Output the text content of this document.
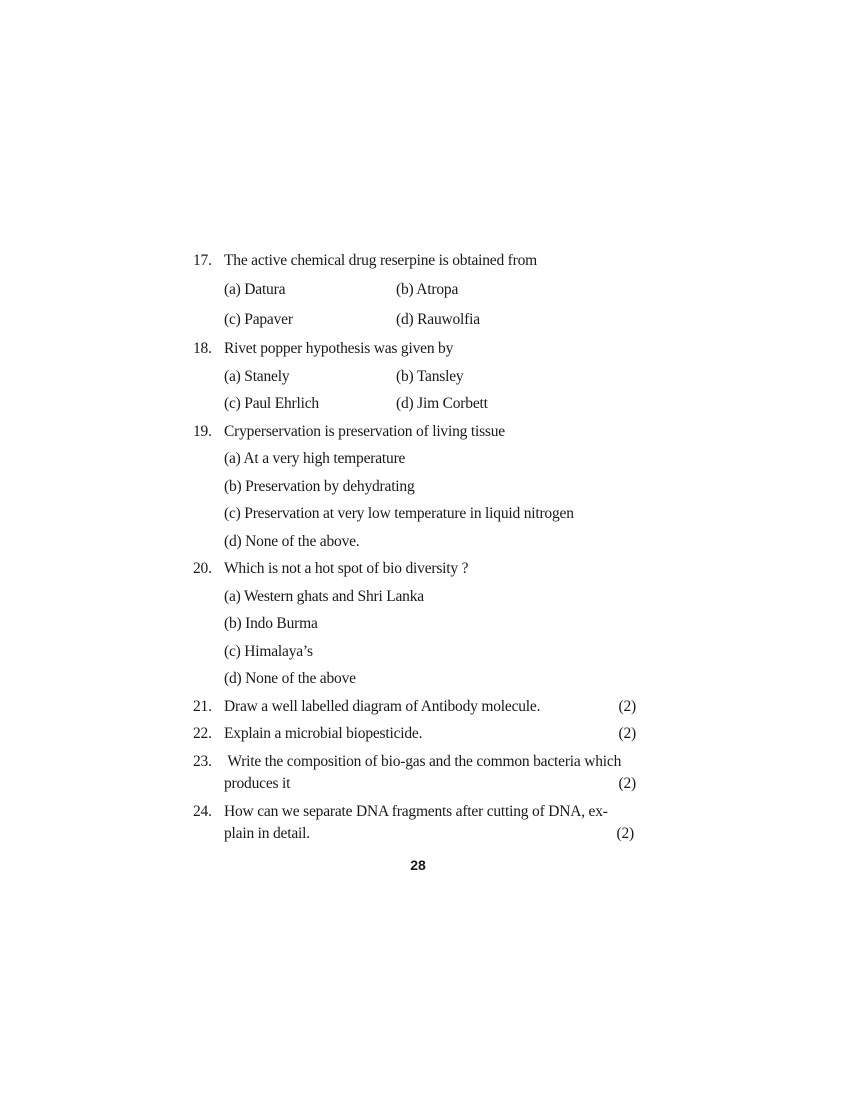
17. The active chemical drug reserpine is obtained from
(a) Datura	(b) Atropa
(c) Papaver	(d) Rauwolfia
18. Rivet popper hypothesis was given by
(a) Stanely	(b) Tansley
(c) Paul Ehrlich	(d) Jim Corbett
19. Cryperservation is preservation of living tissue
(a) At a very high temperature
(b) Preservation by dehydrating
(c) Preservation at very low temperature in liquid nitrogen
(d) None of the above.
20. Which is not a hot spot of bio diversity ?
(a) Western ghats and Shri Lanka
(b) Indo Burma
(c) Himalaya’s
(d) None of the above
21. Draw a well labelled diagram of Antibody molecule.	(2)
22. Explain a microbial biopesticide.	(2)
23. Write the composition of bio-gas and the common bacteria which
produces it	(2)
24. How can we separate DNA fragments after cutting of DNA, ex-
plain in detail.	(2)
28
